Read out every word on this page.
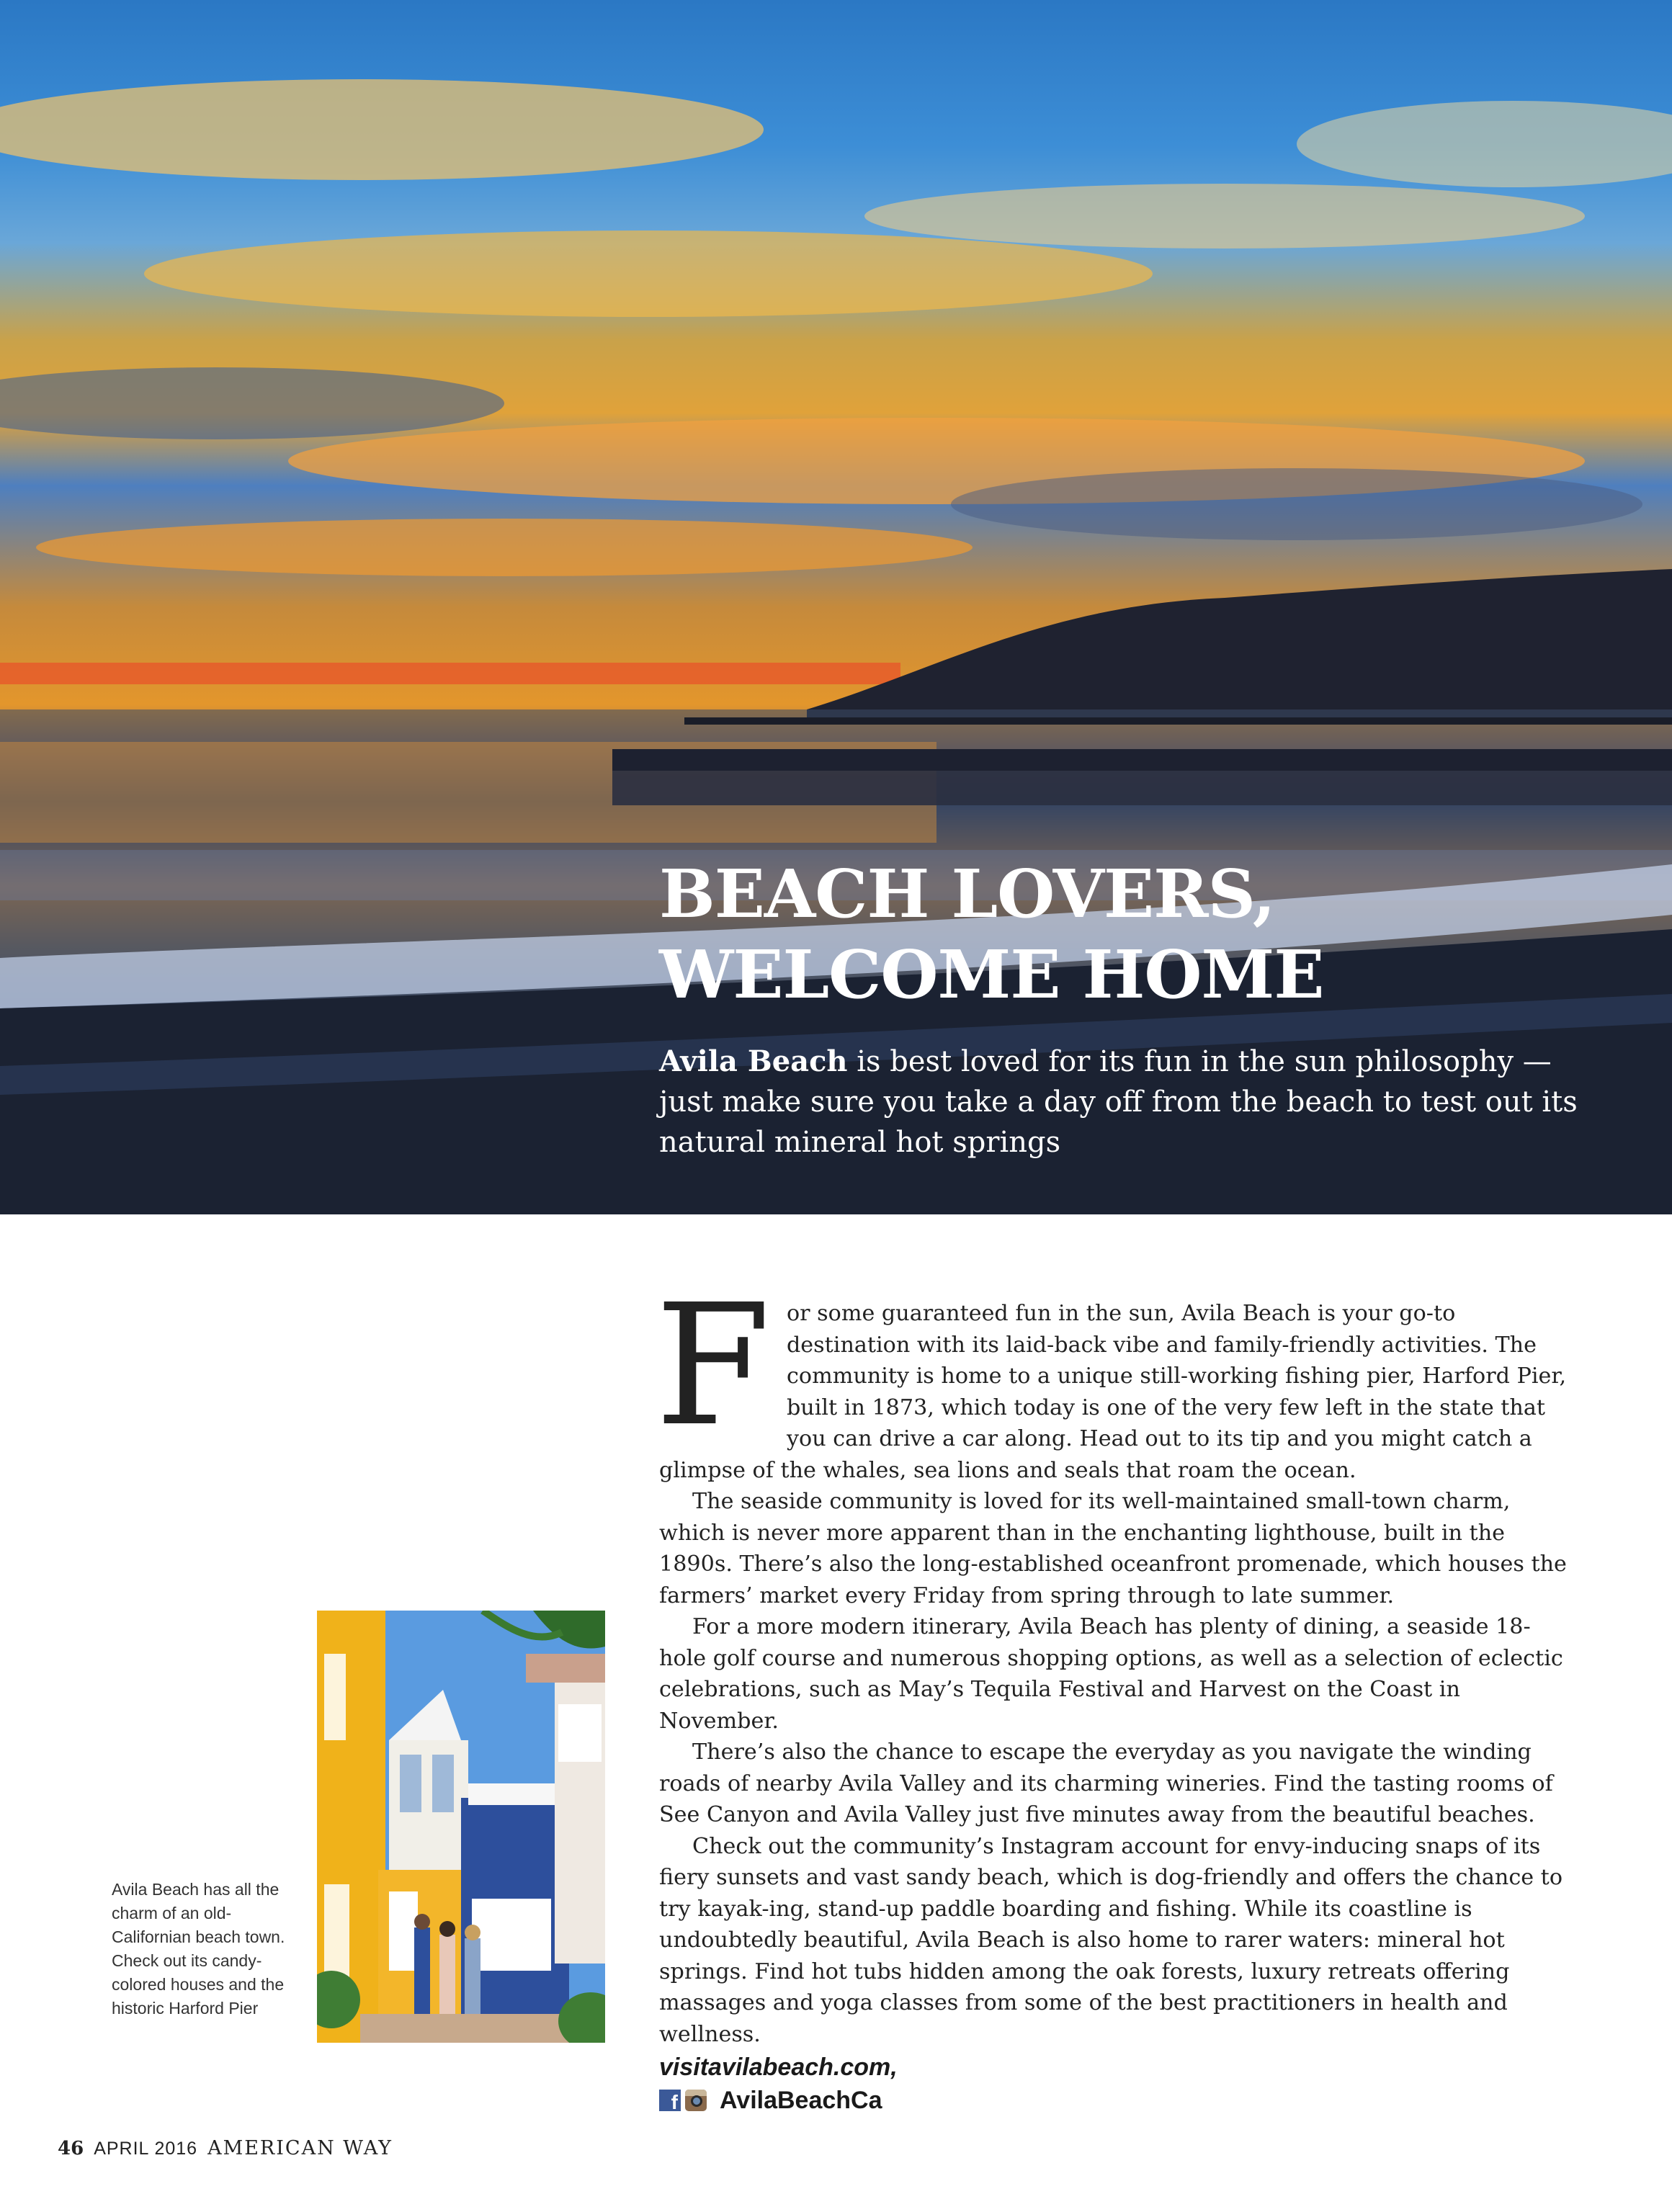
BEACH LOVERS,
WELCOME HOME

Avila Beach is best loved for its fun in the sun philosophy — just make sure you take a day off from the beach to test out its natural mineral hot springs

For some guaranteed fun in the sun, Avila Beach is your go-to destination with its laid-back vibe and family-friendly activities. The community is home to a unique still-working fishing pier, Harford Pier, built in 1873, which today is one of the very few left in the state that you can drive a car along. Head out to its tip and you might catch a glimpse of the whales, sea lions and seals that roam the ocean.

The seaside community is loved for its well-maintained small-town charm, which is never more apparent than in the enchanting lighthouse, built in the 1890s. There’s also the long-established oceanfront promenade, which houses the farmers’ market every Friday from spring through to late summer.

For a more modern itinerary, Avila Beach has plenty of dining, a seaside 18-hole golf course and numerous shopping options, as well as a selection of eclectic celebrations, such as May’s Tequila Festival and Harvest on the Coast in November.

There’s also the chance to escape the everyday as you navigate the winding roads of nearby Avila Valley and its charming wineries. Find the tasting rooms of See Canyon and Avila Valley just five minutes away from the beautiful beaches.

Check out the community’s Instagram account for envy-inducing snaps of its fiery sunsets and vast sandy beach, which is dog-friendly and offers the chance to try kayak-ing, stand-up paddle boarding and fishing. While its coastline is undoubtedly beautiful, Avila Beach is also home to rarer waters: mineral hot springs. Find hot tubs hidden among the oak forests, luxury retreats offering massages and yoga classes from some of the best practitioners in health and wellness.

visitavilabeach.com,
f AvilaBeachCa

Avila Beach has all the charm of an old-Californian beach town. Check out its candy-colored houses and the historic Harford Pier

46 APRIL 2016 AMERICAN WAY
